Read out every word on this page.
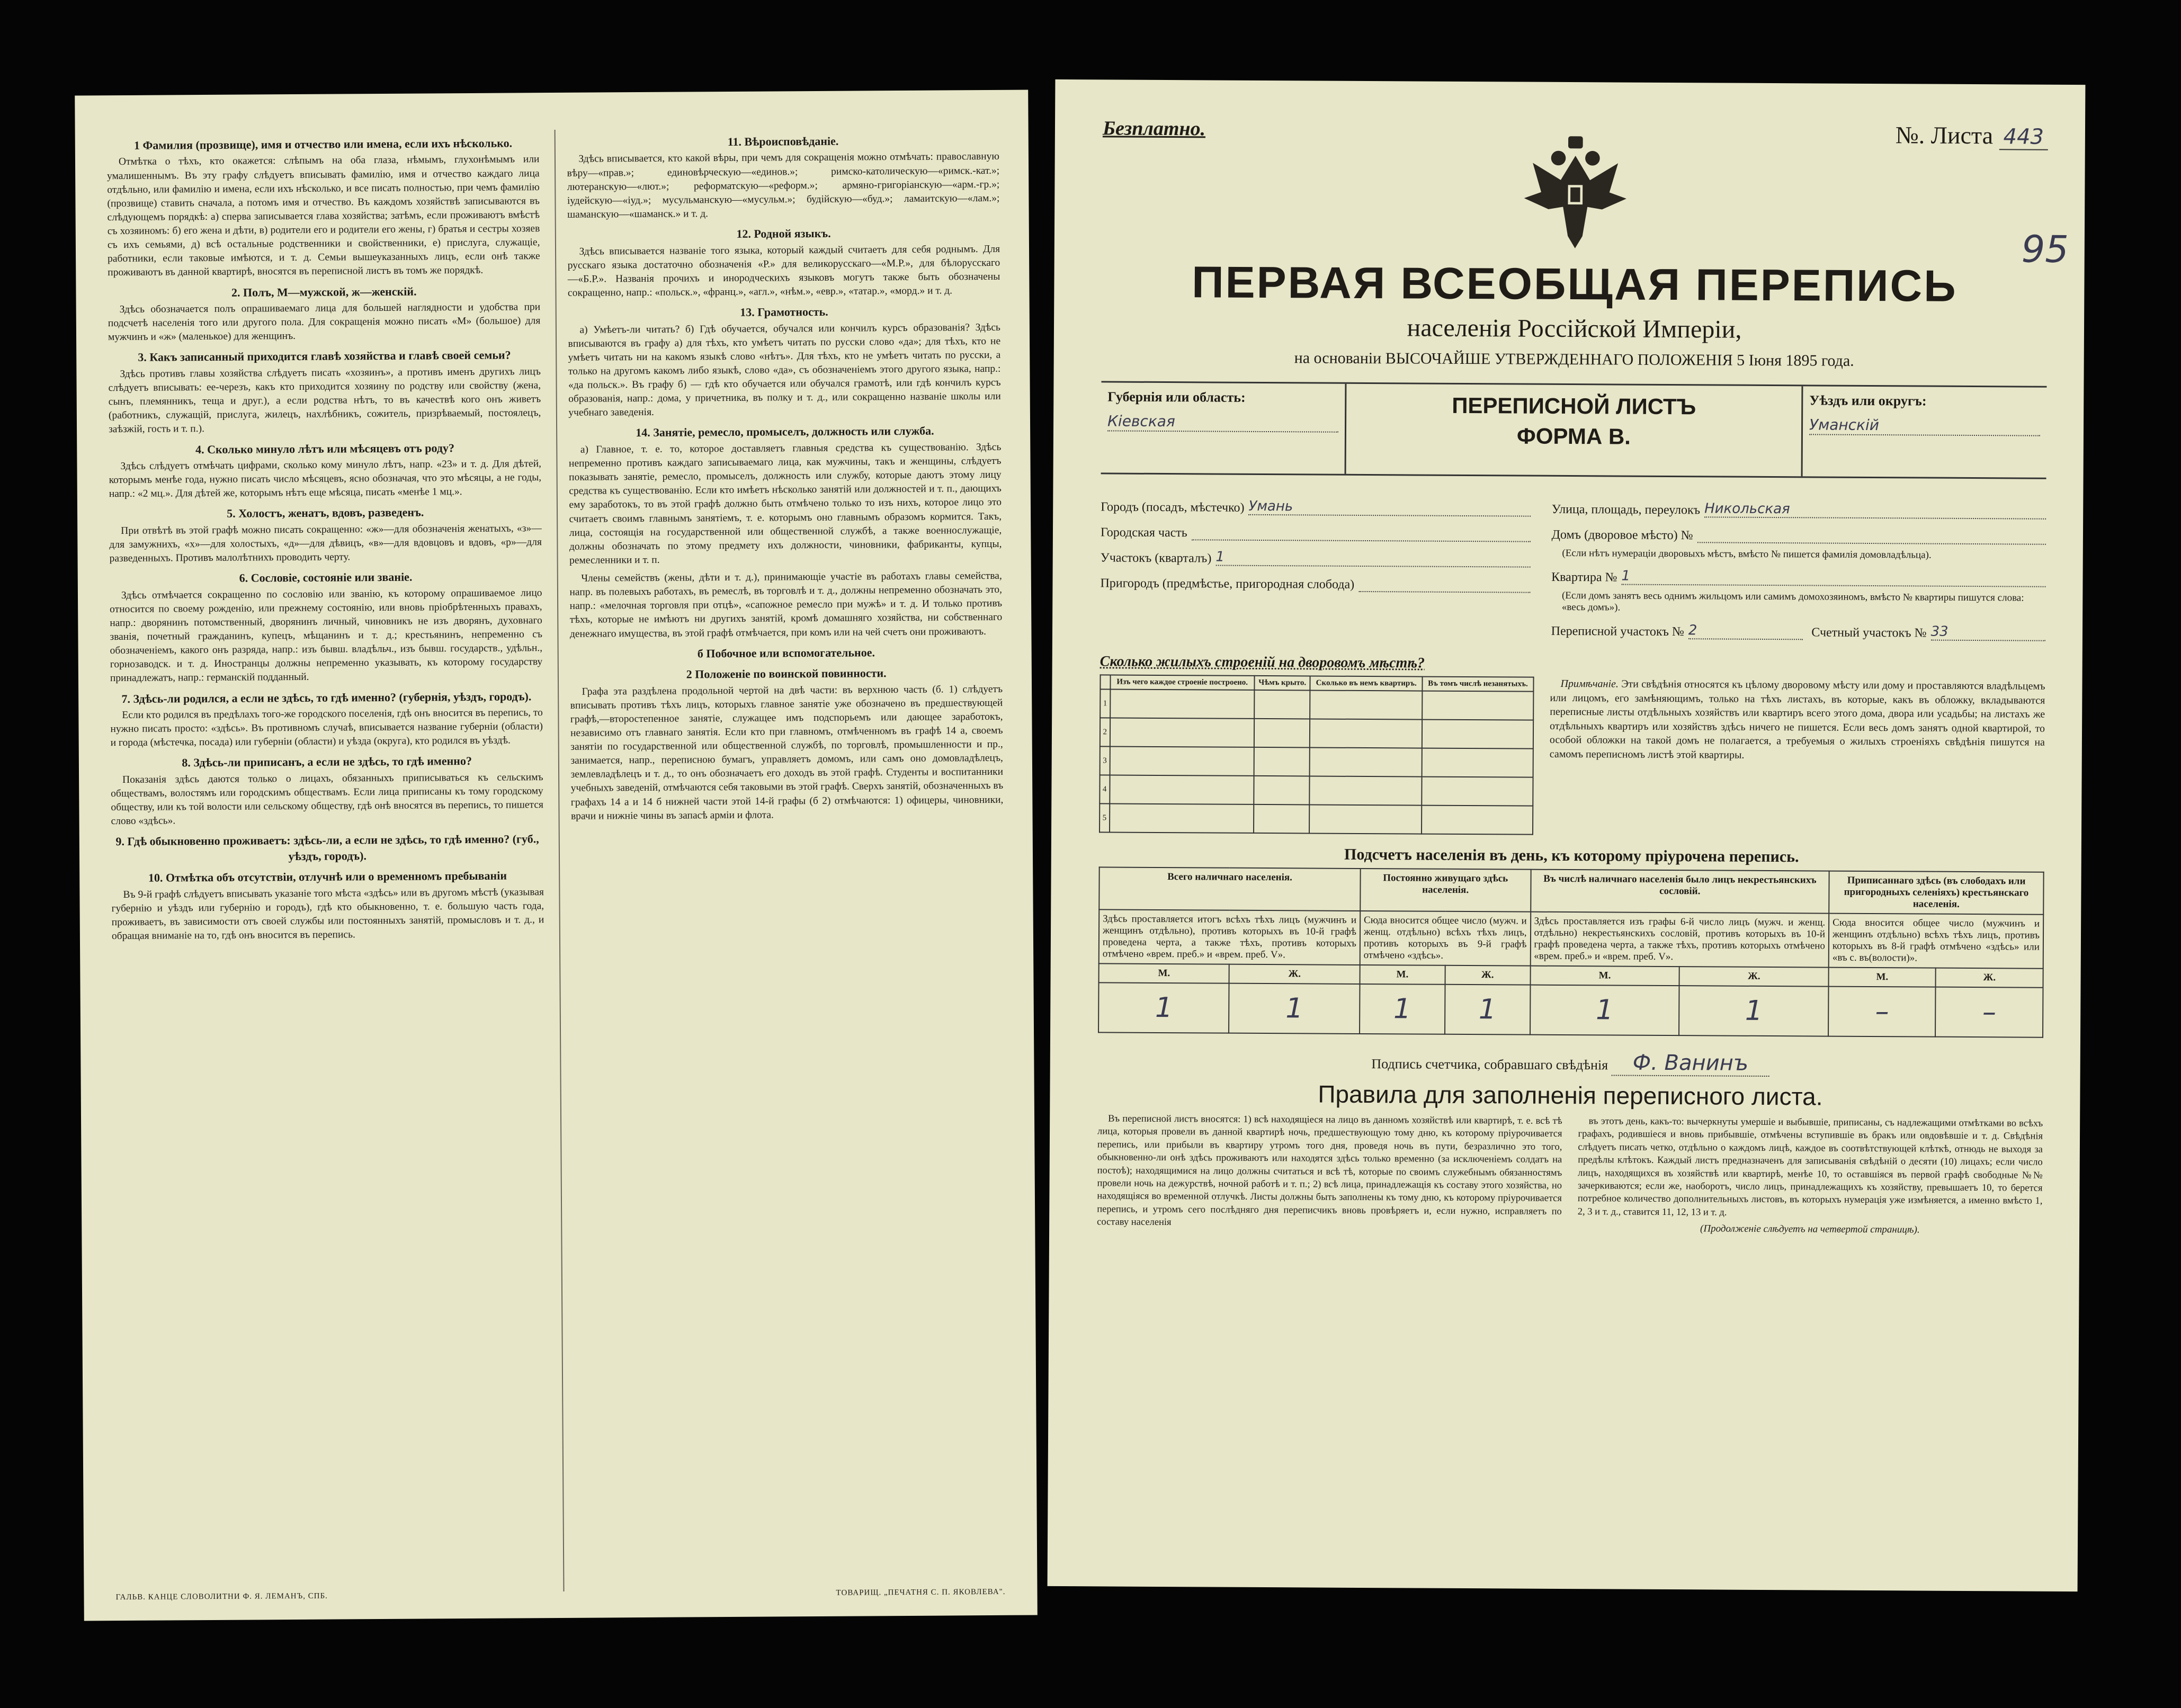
1 Фамилия (прозвище), имя и отчество или имена, если ихъ нѣсколько.

Отмѣтка о тѣхъ, кто окажется: слѣпымъ на оба глаза, нѣмымъ, глухонѣмымъ или умалишеннымъ. Въ эту графу слѣдуетъ вписывать фамилію, имя и отчество каждаго лица отдѣльно, или фамилію и имена, если ихъ нѣсколько, и все писать полностью, при чемъ фамилію (прозвище) ставить сначала, а потомъ имя и отчество. Въ каждомъ хозяйствѣ записываются въ слѣдующемъ порядкѣ: а) сперва записывается глава хозяйства; затѣмъ, если проживаютъ вмѣстѣ съ хозяиномъ: б) его жена и дѣти, в) родители его и родители его жены, г) братья и сестры хозяев съ ихъ семьями, д) всѣ остальные родственники и свойственники, е) прислуга, служащіе, работники, если таковые имѣются, и т. д. Семьи вышеуказанныхъ лицъ, если онѣ также проживаютъ въ данной квартирѣ, вносятся въ переписной листъ въ томъ же порядкѣ.

2. Полъ, М—мужской, ж—женскій.

Здѣсь обозначается полъ опрашиваемаго лица для большей наглядности и удобства при подсчетѣ населенія того или другого пола. Для сокращенія можно писать «М» (большое) для мужчинъ и «ж» (маленькое) для женщинъ.

3. Какъ записанный приходится главѣ хозяйства и главѣ своей семьи?

Здѣсь противъ главы хозяйства слѣдуетъ писать «хозяинъ», а противъ именъ другихъ лицъ слѣдуетъ вписывать: ее-черезъ, какъ кто приходится хозяину по родству или свойству (жена, сынъ, племянникъ, теща и друг.), а если родства нѣтъ, то въ качествѣ кого онъ живетъ (работникъ, служащій, прислуга, жилецъ, нахлѣбникъ, сожитель, призрѣваемый, постоялецъ, заѣзжій, гость и т. п.).

4. Сколько минуло лѣтъ или мѣсяцевъ отъ роду?

Здѣсь слѣдуетъ отмѣчать цифрами, сколько кому минуло лѣтъ, напр. «23» и т. д. Для дѣтей, которымъ менѣе года, нужно писать число мѣсяцевъ, ясно обозначая, что это мѣсяцы, а не годы, напр.: «2 мц.». Для дѣтей же, которымъ нѣтъ еще мѣсяца, писать «менѣе 1 мц.».

5. Холостъ, женатъ, вдовъ, разведенъ.

При отвѣтѣ въ этой графѣ можно писать сокращенно: «ж»—для обозначенія женатыхъ, «з»—для замужнихъ, «х»—для холостыхъ, «д»—для дѣвицъ, «в»—для вдовцовъ и вдовъ, «р»—для разведенныхъ. Противъ малолѣтнихъ проводить черту.

6. Сословіе, состояніе или званіе.

Здѣсь отмѣчается сокращенно по сословію или званію, къ которому опрашиваемое лицо относится по своему рожденію, или прежнему состоянію, или вновь пріобрѣтенныхъ правахъ, напр.: дворянинъ потомственный, дворянинъ личный, чиновникъ не изъ дворянъ, духовнаго званія, почетный гражданинъ, купецъ, мѣщанинъ и т. д.; крестьянинъ, непременно съ обозначеніемъ, какого онъ разряда, напр.: изъ бывш. владѣльч., изъ бывш. государств., удѣльн., горнозаводск. и т. д. Иностранцы должны непременно указывать, къ которому государству принадлежатъ, напр.: германскій подданный.

7. Здѣсь-ли родился, а если не здѣсь, то гдѣ именно? (губернія, уѣздъ, городъ).

Если кто родился въ предѣлахъ того-же городского поселенія, гдѣ онъ вносится въ перепись, то нужно писать просто: «здѣсь». Въ противномъ случаѣ, вписывается название губерніи (области) и города (мѣстечка, посада) или губерніи (области) и уѣзда (округа), кто родился въ уѣздѣ.

8. Здѣсь-ли приписанъ, а если не здѣсь, то гдѣ именно?

Показанія здѣсь даются только о лицахъ, обязанныхъ приписываться къ сельскимъ обществамъ, волостямъ или городскимъ обществамъ. Если лица приписаны къ тому городскому обществу, или къ той волости или сельскому обществу, гдѣ онѣ вносятся въ перепись, то пишется слово «здѣсь».

9. Гдѣ обыкновенно проживаетъ: здѣсь-ли, а если не здѣсь, то гдѣ именно? (губ., уѣздъ, городъ).
10. Отмѣтка объ отсутствіи, отлучнѣ или о временномъ пребываніи

Въ 9-й графѣ слѣдуетъ вписывать указаніе того мѣста «здѣсь» или въ другомъ мѣстѣ (указывая губернію и уѣздъ или губернію и городъ), гдѣ кто обыкновенно, т. е. большую часть года, проживаетъ, въ зависимости отъ своей службы или постоянныхъ занятій, промысловъ и т. д., и обращая вниманіе на то, гдѣ онъ вносится въ перепись.

11. Вѣроисповѣданіе.

Здѣсь вписывается, кто какой вѣры, при чемъ для сокращенія можно отмѣчать: православную вѣру—«прав.»; единовѣрческую—«единов.»; римско-католическую—«римск.-кат.»; лютеранскую—«лют.»; реформатскую—«реформ.»; армяно-григоріанскую—«арм.-гр.»; іудейскую—«іуд.»; мусульманскую—«мусульм.»; будійскую—«буд.»; ламаитскую—«лам.»; шаманскую—«шаманск.» и т. д.

12. Родной языкъ.

Здѣсь вписывается названіе того языка, который каждый считаетъ для себя роднымъ. Для русскаго языка достаточно обозначенія «Р.» для великорусскаго—«М.Р.», для бѣлорусскаго—«Б.Р.». Названія прочихъ и инородческихъ языковъ могутъ также быть обозначены сокращенно, напр.: «польск.», «франц.», «агл.», «нѣм.», «евр.», «татар.», «морд.» и т. д.

13. Грамотность.

а) Умѣетъ-ли читать? б) Гдѣ обучается, обучался или кончилъ курсъ образованія? Здѣсь вписываются въ графу а) для тѣхъ, кто умѣетъ читать по русски слово «да»; для тѣхъ, кто не умѣетъ читать ни на какомъ языкѣ слово «нѣтъ». Для тѣхъ, кто не умѣетъ читать по русски, а только на другомъ какомъ либо языкѣ, слово «да», съ обозначеніемъ этого другого языка, напр.: «да польск.». Въ графу б) — гдѣ кто обучается или обучался грамотѣ, или гдѣ кончилъ курсъ образованія, напр.: дома, у причетника, въ полку и т. д., или сокращенно названіе школы или учебнаго заведенія.

14. Занятіе, ремесло, промыселъ, должность или служба.

а) Главное, т. е. то, которое доставляетъ главныя средства къ существованію. Здѣсь непременно противъ каждаго записываемаго лица, как мужчины, такъ и женщины, слѣдуетъ показывать занятіе, ремесло, промыселъ, должность или службу, которые даютъ этому лицу средства къ существованію. Если кто имѣетъ нѣсколько занятій или должностей и т. п., дающихъ ему заработокъ, то въ этой графѣ должно быть отмѣчено только то изъ нихъ, которое лицо это считаетъ своимъ главнымъ занятіемъ, т. е. которымъ оно главнымъ образомъ кормится. Такъ, лица, состоящія на государственной или общественной службѣ, а также военнослужащіе, должны обозначать по этому предмету ихъ должности, чиновники, фабриканты, купцы, ремесленники и т. п.

Члены семействъ (жены, дѣти и т. д.), принимающіе участіе въ работахъ главы семейства, напр. въ полевыхъ работахъ, въ ремеслѣ, въ торговлѣ и т. д., должны непременно обозначать это, напр.: «мелочная торговля при отцѣ», «сапожное ремесло при мужѣ» и т. д. И только противъ тѣхъ, которые не имѣютъ ни другихъ занятій, кромѣ домашняго хозяйства, ни собственнаго денежнаго имущества, въ этой графѣ отмѣчается, при комъ или на чей счетъ они проживаютъ.

б Побочное или вспомогательное.
2 Положеніе по воинской повинности.

Графа эта раздѣлена продольной чертой на двѣ части: въ верхнюю часть (б. 1) слѣдуетъ вписывать противъ тѣхъ лицъ, которыхъ главное занятіе уже обозначено въ предшествующей графѣ,—второстепенное занятіе, служащее имъ подспорьемъ или дающее заработокъ, независимо отъ главнаго занятія. Если кто при главномъ, отмѣченномъ въ графѣ 14 а, своемъ занятіи по государственной или общественной службѣ, по торговлѣ, промышленности и пр., занимается, напр., переписною бумагъ, управляетъ домомъ, или самъ оно домовладѣлецъ, землевладѣлецъ и т. д., то онъ обозначаетъ его доходъ въ этой графѣ. Студенты и воспитанники учебныхъ заведеній, отмѣчаются себя таковыми въ этой графѣ. Сверхъ занятій, обозначенныхъ въ графахъ 14 а и 14 б нижней части этой 14-й графы (б 2) отмѣчаются: 1) офицеры, чиновники, врачи и нижніе чины въ запасѣ арміи и флота.

ГАЛЬВ. КАНЦЕ СЛОВОЛИТНИ Ф. Я. ЛЕМАНЪ, СПБ.	ТОВАРИЩ. „ПЕЧАТНЯ С. П. ЯКОВЛЕВА".
95
Безплатно.	№. Листа 443
ПЕРВАЯ ВСЕОБЩАЯ ПЕРЕПИСЬ
населенія Россійской Имперіи,
на основаніи ВЫСОЧАЙШЕ УТВЕРЖДЕННАГО ПОЛОЖЕНІЯ 5 Іюня 1895 года.
Губернія или область:
Кіевская
ПЕРЕПИСНОЙ ЛИСТЪ
ФОРМА В.
Уѣздъ или округъ:
Уманскій
Городъ (посадъ, мѣстечко) Умань
Городская часть
Участокъ (кварталъ) 1
Пригородъ (предмѣстье, пригородная слобода)
Улица, площадь, переулокъ Никольская
Домъ (дворовое мѣсто) №
(Если нѣтъ нумераціи дворовыхъ мѣстъ, вмѣсто № пишется фамилія домовладѣльца).
Квартира № 1
(Если домъ занятъ весь однимъ жильцомъ или самимъ домохозяиномъ, вмѣсто № квартиры пишутся слова: «весь домъ»).
Переписной участокъ № 2	Счетный участокъ № 33
Сколько жилыхъ строеній на дворовомъ мѣстѣ?
	Изъ чего каждое строеніе построено.	Чѣмъ крыто.	Сколько въ немъ квартиръ.	Въ томъ числѣ незанятыхъ.
1				
2				
3				
4				
5				
Примѣчаніе. Эти свѣдѣнія относятся къ цѣлому дворовому мѣсту или дому и проставляются владѣльцемъ или лицомъ, его замѣняющимъ, только на тѣхъ листахъ, въ которые, какъ въ обложку, вкладываются переписные листы отдѣльныхъ хозяйствъ или квартиръ всего этого дома, двора или усадьбы; на листахъ же отдѣльныхъ квартиръ или хозяйствъ здѣсь ничего не пишется. Если весь домъ занятъ одной квартирой, то особой обложки на такой домъ не полагается, а требуемыя о жилыхъ строеніяхъ свѣдѣнія пишутся на самомъ переписномъ листѣ этой квартиры.
Подсчетъ населенія въ день, къ которому пріурочена перепись.
Всего наличнаго населенія.		Постоянно живущаго здѣсь населенія.		Въ числѣ наличнаго населенія было лицъ некрестьянскихъ сословій.		Приписаннаго здѣсь (въ слободахъ или пригородныхъ селеніяхъ) крестьянскаго населенія.	
Здѣсь проставляется итогъ всѣхъ тѣхъ лицъ (мужчинъ и женщинъ отдѣльно), противъ которыхъ въ 10-й графѣ проведена черта, а также тѣхъ, противъ которыхъ отмѣчено «врем. преб.» и «врем. преб. V».		Сюда вносится общее число (мужч. и женщ. отдѣльно) всѣхъ тѣхъ лицъ, противъ которыхъ въ 9-й графѣ отмѣчено «здѣсь».		Здѣсь проставляется изъ графы 6-й число лицъ (мужч. и женщ. отдѣльно) некрестьянскихъ сословій, противъ которыхъ въ 10-й графѣ проведена черта, а также тѣхъ, противъ которыхъ отмѣчено «врем. преб.» и «врем. преб. V».		Сюда вносится общее число (мужчинъ и женщинъ отдѣльно) всѣхъ тѣхъ лицъ, противъ которыхъ въ 8-й графѣ отмѣчено «здѣсь» или «въ с. въ(волости)».	
М.	Ж.	М.	Ж.	М.	Ж.	М.	Ж.
1	1	1	1	1	1	–	–
Подпись счетчика, собравшаго свѣдѣнія Ф. Ванинъ
Правила для заполненія переписного листа.

Въ переписной листъ вносятся: 1) всѣ находящіеся на лицо въ данномъ хозяйствѣ или квартирѣ, т. е. всѣ тѣ лица, которыя провели въ данной квартирѣ ночь, предшествующую тому дню, къ которому пріурочивается перепись, или прибыли въ квартиру утромъ того дня, проведя ночь въ пути, безразлично это того, обыкновенно-ли онѣ здѣсь проживаютъ или находятся здѣсь только временно (за исключеніемъ солдатъ на постоѣ); находящимися на лицо должны считаться и всѣ тѣ, которые по своимъ служебнымъ обязанностямъ провели ночь на дежурствѣ, ночной работѣ и т. п.; 2) всѣ лица, принадлежащія къ составу этого хозяйства, но находящіяся во временной отлучкѣ. Листы должны быть заполнены къ тому дню, къ которому пріурочивается перепись, и утромъ сего послѣдняго дня переписчикъ вновь провѣряетъ и, если нужно, исправляетъ по составу населенія

въ этотъ день, какъ-то: вычеркнуты умершіе и выбывшіе, приписаны, съ надлежащими отмѣтками во всѣхъ графахъ, родившіеся и вновь прибывшіе, отмѣчены вступившіе въ бракъ или овдовѣвшіе и т. д. Свѣдѣнія слѣдуетъ писать четко, отдѣльно о каждомъ лицѣ, каждое въ соотвѣтствующей клѣткѣ, отнюдь не выходя за предѣлы клѣтокъ. Каждый листъ предназначенъ для записыванія свѣдѣній о десяти (10) лицахъ; если число лицъ, находящихся въ хозяйствѣ или квартирѣ, менѣе 10, то оставшіяся въ первой графѣ свободные №№ зачеркиваются; если же, наоборотъ, число лицъ, принадлежащихъ къ хозяйству, превышаетъ 10, то берется потребное количество дополнительныхъ листовъ, въ которыхъ нумерація уже измѣняется, а именно вмѣсто 1, 2, 3 и т. д., ставится 11, 12, 13 и т. д.

(Продолженіе слѣдуетъ на четвертой страницѣ).
